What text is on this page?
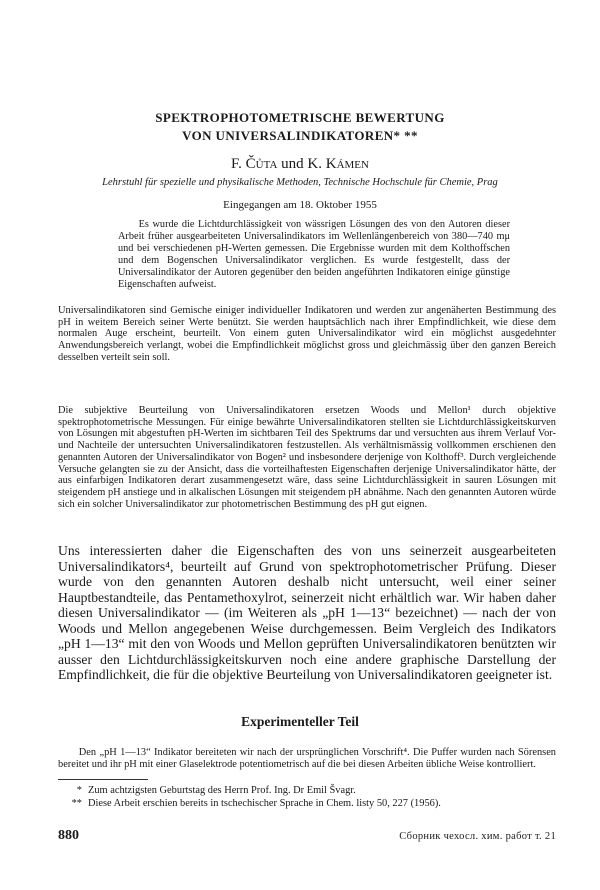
SPEKTROPHOTOMETRISCHE BEWERTUNG
VON UNIVERSALINDIKATOREN* **
F. Čůta und K. Kámen
Lehrstuhl für spezielle und physikalische Methoden, Technische Hochschule für Chemie, Prag
Eingegangen am 18. Oktober 1955

Es wurde die Lichtdurchlässigkeit von wässrigen Lösungen des von den Autoren dieser Arbeit früher ausgearbeiteten Universalindikators im Wellenlängenbereich von 380—740 mμ und bei verschiedenen pH-Werten gemessen. Die Ergebnisse wurden mit dem Kolthoffschen und dem Bogenschen Universalindikator verglichen. Es wurde festgestellt, dass der Universalindikator der Autoren gegenüber den beiden angeführten Indikatoren einige günstige Eigenschaften aufweist.

Universalindikatoren sind Gemische einiger individueller Indikatoren und werden zur angenäherten Bestimmung des pH in weitem Bereich seiner Werte benützt. Sie werden hauptsächlich nach ihrer Empfindlichkeit, wie diese dem normalen Auge erscheint, beurteilt. Von einem guten Universalindikator wird ein möglichst ausgedehnter Anwendungsbereich verlangt, wobei die Empfindlichkeit möglichst gross und gleichmässig über den ganzen Bereich desselben verteilt sein soll.

Die subjektive Beurteilung von Universalindikatoren ersetzen Woods und Mellon¹ durch objektive spektrophotometrische Messungen. Für einige bewährte Universalindikatoren stellten sie Lichtdurchlässigkeitskurven von Lösungen mit abgestuften pH-Werten im sichtbaren Teil des Spektrums dar und versuchten aus ihrem Verlauf Vor- und Nachteile der untersuchten Universalindikatoren festzustellen. Als verhältnismässig vollkommen erschienen den genannten Autoren der Universalindikator von Bogen² und insbesondere derjenige von Kolthoff³. Durch vergleichende Versuche gelangten sie zu der Ansicht, dass die vorteilhaftesten Eigenschaften derjenige Universalindikator hätte, der aus einfarbigen Indikatoren derart zusammengesetzt wäre, dass seine Lichtdurchlässigkeit in sauren Lösungen mit steigendem pH anstiege und in alkalischen Lösungen mit steigendem pH abnähme. Nach den genannten Autoren würde sich ein solcher Universalindikator zur photometrischen Bestimmung des pH gut eignen.

Uns interessierten daher die Eigenschaften des von uns seinerzeit ausgearbeiteten Universalindikators⁴, beurteilt auf Grund von spektrophotometrischer Prüfung. Dieser wurde von den genannten Autoren deshalb nicht untersucht, weil einer seiner Hauptbestandteile, das Pentamethoxylrot, seinerzeit nicht erhältlich war. Wir haben daher diesen Universalindikator — (im Weiteren als „pH 1—13“ bezeichnet) — nach der von Woods und Mellon angegebenen Weise durchgemessen. Beim Vergleich des Indikators „pH 1—13“ mit den von Woods und Mellon geprüften Universalindikatoren benützten wir ausser den Lichtdurchlässigkeitskurven noch eine andere graphische Darstellung der Empfindlichkeit, die für die objektive Beurteilung von Universalindikatoren geeigneter ist.

Experimenteller Teil

Den „pH 1—13“ Indikator bereiteten wir nach der ursprünglichen Vorschrift⁴. Die Puffer wurden nach Sörensen bereitet und ihr pH mit einer Glaselektrode potentiometrisch auf die bei diesen Arbeiten übliche Weise kontrolliert.

* Zum achtzigsten Geburtstag des Herrn Prof. Ing. Dr Emil Švagr.
** Diese Arbeit erschien bereits in tschechischer Sprache in Chem. listy 50, 227 (1956).
880	Сборник чехосл. хим. работ т. 21
